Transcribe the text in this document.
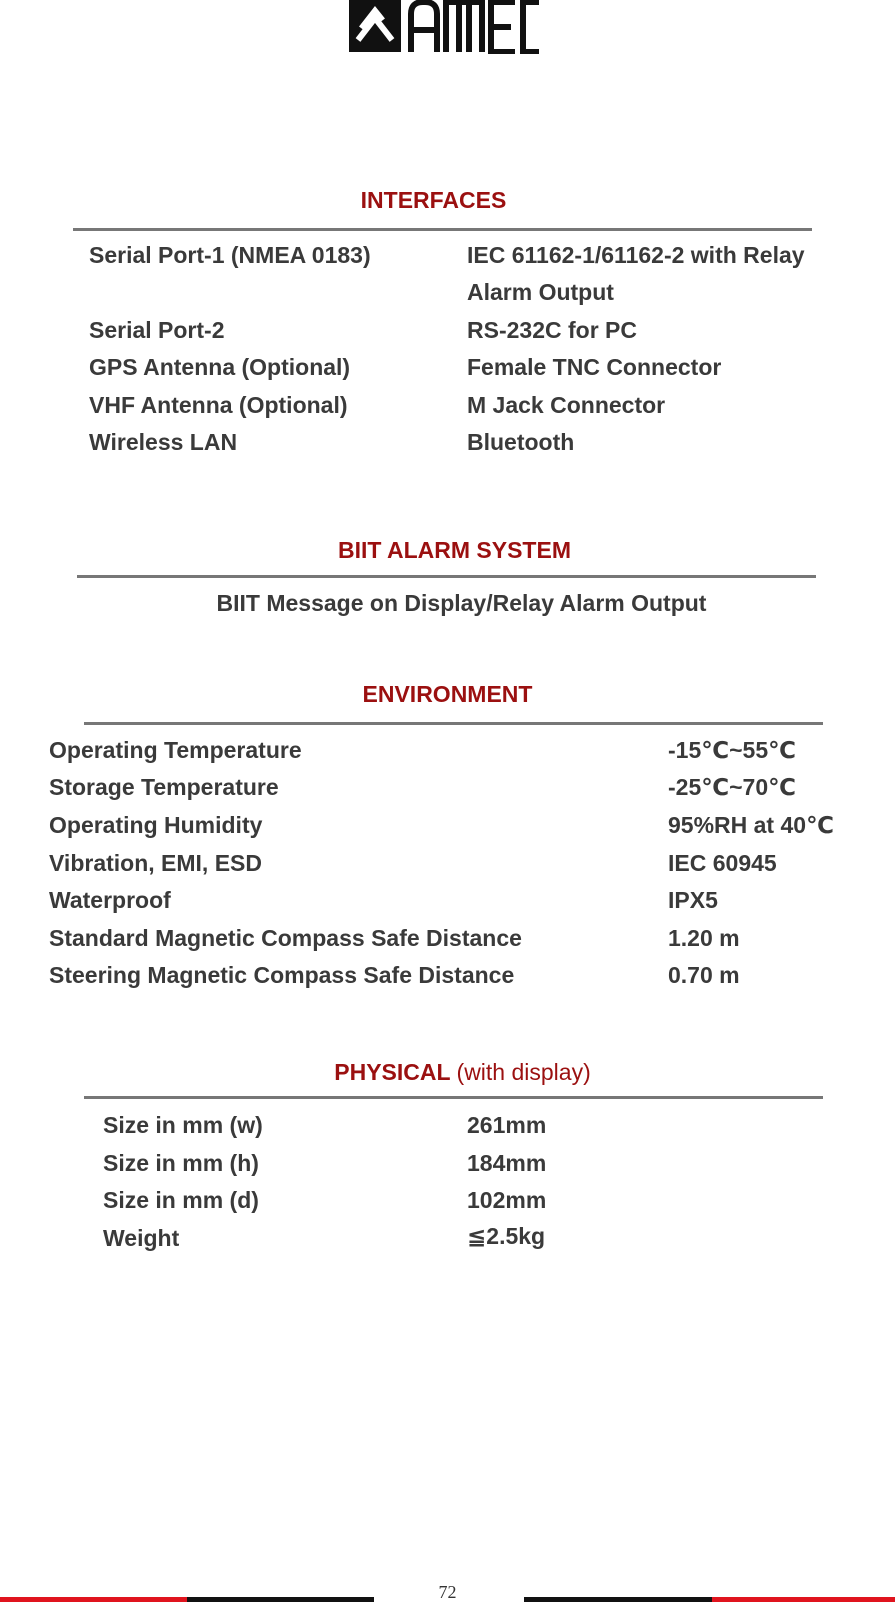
INTERFACES
Serial Port-1 (NMEA 0183)	IEC 61162-1/61162-2 with Relay
Alarm Output
Serial Port-2	RS-232C for PC
GPS Antenna (Optional)	Female TNC Connector
VHF Antenna (Optional)	M Jack Connector
Wireless LAN	Bluetooth
BIIT ALARM SYSTEM
BIIT Message on Display/Relay Alarm Output
ENVIRONMENT
Operating Temperature	-15℃~55℃
Storage Temperature	-25℃~70℃
Operating Humidity	95%RH at 40℃
Vibration, EMI, ESD	IEC 60945
Waterproof	IPX5
Standard Magnetic Compass Safe Distance	1.20 m
Steering Magnetic Compass Safe Distance	0.70 m
PHYSICAL (with display)
Size in mm (w)	261mm
Size in mm (h)	184mm
Size in mm (d)	102mm
Weight	≦2.5kg
72
